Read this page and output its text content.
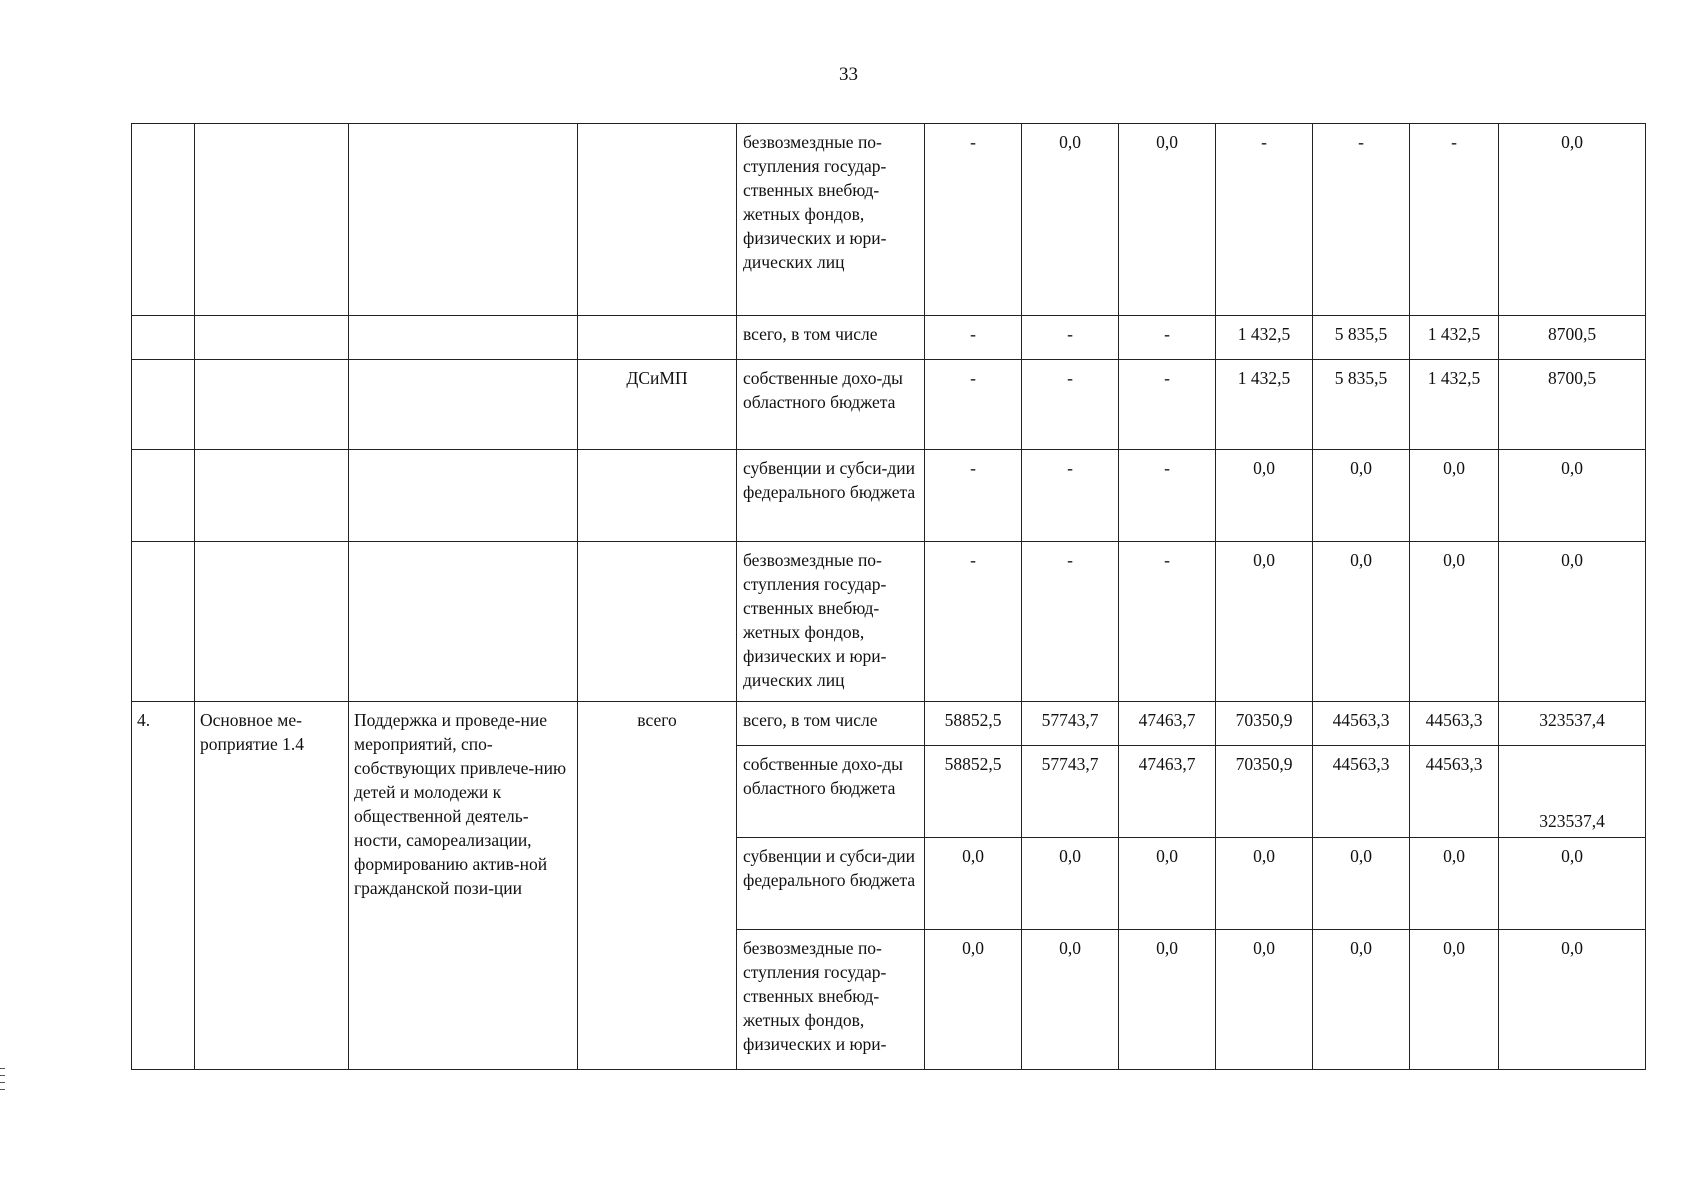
33
				безвозмездные по-ступления государ-ственных внебюд-жетных фондов, физических и юри-дических лиц	-	0,0	0,0	-	-	-	0,0
				всего, в том числе	-	-	-	1 432,5	5 835,5	1 432,5	8700,5
			ДСиМП	собственные дохо-ды областного бюджета	-	-	-	1 432,5	5 835,5	1 432,5	8700,5
				субвенции и субси-дии федерального бюджета	-	-	-	0,0	0,0	0,0	0,0
				безвозмездные по-ступления государ-ственных внебюд-жетных фондов, физических и юри-дических лиц	-	-	-	0,0	0,0	0,0	0,0
4.	Основное ме-роприятие 1.4	Поддержка и проведе-ние мероприятий, спо-собствующих привлече-нию детей и молодежи к общественной деятель-ности, самореализации, формированию актив-ной гражданской пози-ции	всего	всего, в том числе	58852,5	57743,7	47463,7	70350,9	44563,3	44563,3	323537,4
				собственные дохо-ды областного бюджета	58852,5	57743,7	47463,7	70350,9	44563,3	44563,3	323537,4
				субвенции и субси-дии федерального бюджета	0,0	0,0	0,0	0,0	0,0	0,0	0,0
				безвозмездные по-ступления государ-ственных внебюд-жетных фондов, физических и юри-	0,0	0,0	0,0	0,0	0,0	0,0	0,0
